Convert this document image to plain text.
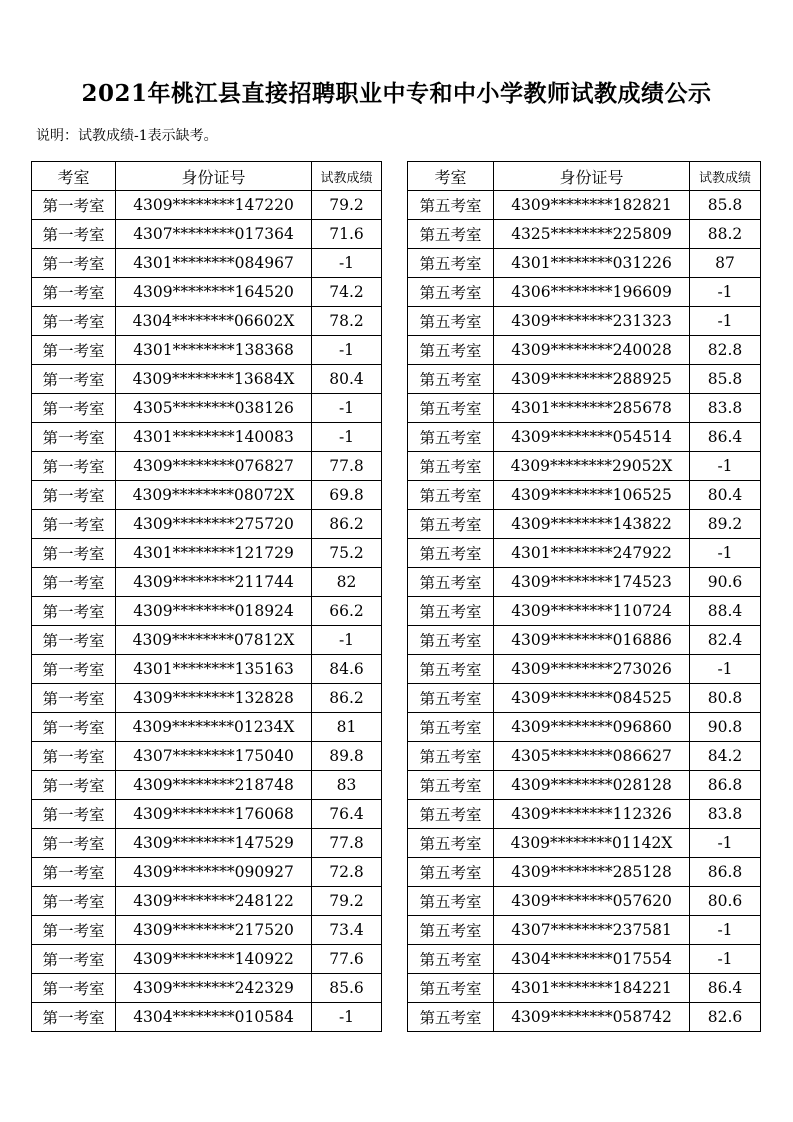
2021年桃江县直接招聘职业中专和中小学教师试教成绩公示
说明：试教成绩-1表示缺考。
考室	身份证号	试教成绩
第一考室	4309********147220	79.2
第一考室	4307********017364	71.6
第一考室	4301********084967	-1
第一考室	4309********164520	74.2
第一考室	4304********06602X	78.2
第一考室	4301********138368	-1
第一考室	4309********13684X	80.4
第一考室	4305********038126	-1
第一考室	4301********140083	-1
第一考室	4309********076827	77.8
第一考室	4309********08072X	69.8
第一考室	4309********275720	86.2
第一考室	4301********121729	75.2
第一考室	4309********211744	82
第一考室	4309********018924	66.2
第一考室	4309********07812X	-1
第一考室	4301********135163	84.6
第一考室	4309********132828	86.2
第一考室	4309********01234X	81
第一考室	4307********175040	89.8
第一考室	4309********218748	83
第一考室	4309********176068	76.4
第一考室	4309********147529	77.8
第一考室	4309********090927	72.8
第一考室	4309********248122	79.2
第一考室	4309********217520	73.4
第一考室	4309********140922	77.6
第一考室	4309********242329	85.6
第一考室	4304********010584	-1
考室	身份证号	试教成绩
第五考室	4309********182821	85.8
第五考室	4325********225809	88.2
第五考室	4301********031226	87
第五考室	4306********196609	-1
第五考室	4309********231323	-1
第五考室	4309********240028	82.8
第五考室	4309********288925	85.8
第五考室	4301********285678	83.8
第五考室	4309********054514	86.4
第五考室	4309********29052X	-1
第五考室	4309********106525	80.4
第五考室	4309********143822	89.2
第五考室	4301********247922	-1
第五考室	4309********174523	90.6
第五考室	4309********110724	88.4
第五考室	4309********016886	82.4
第五考室	4309********273026	-1
第五考室	4309********084525	80.8
第五考室	4309********096860	90.8
第五考室	4305********086627	84.2
第五考室	4309********028128	86.8
第五考室	4309********112326	83.8
第五考室	4309********01142X	-1
第五考室	4309********285128	86.8
第五考室	4309********057620	80.6
第五考室	4307********237581	-1
第五考室	4304********017554	-1
第五考室	4301********184221	86.4
第五考室	4309********058742	82.6
